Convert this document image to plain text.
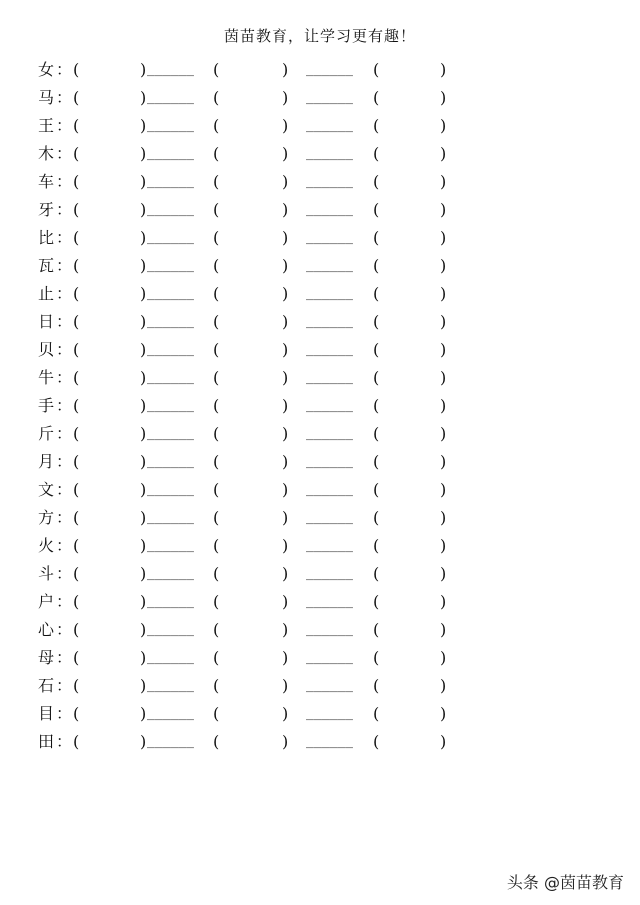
茵苗教育，让学习更有趣！
女 ： (	) ______ (	) ______ (	)
马 ： (	) ______ (	) ______ (	)
王 ： (	) ______ (	) ______ (	)
木 ： (	) ______ (	) ______ (	)
车 ： (	) ______ (	) ______ (	)
牙 ： (	) ______ (	) ______ (	)
比 ： (	) ______ (	) ______ (	)
瓦 ： (	) ______ (	) ______ (	)
止 ： (	) ______ (	) ______ (	)
日 ： (	) ______ (	) ______ (	)
贝 ： (	) ______ (	) ______ (	)
牛 ： (	) ______ (	) ______ (	)
手 ： (	) ______ (	) ______ (	)
斤 ： (	) ______ (	) ______ (	)
月 ： (	) ______ (	) ______ (	)
文 ： (	) ______ (	) ______ (	)
方 ： (	) ______ (	) ______ (	)
火 ： (	) ______ (	) ______ (	)
斗 ： (	) ______ (	) ______ (	)
户 ： (	) ______ (	) ______ (	)
心 ： (	) ______ (	) ______ (	)
母 ： (	) ______ (	) ______ (	)
石 ： (	) ______ (	) ______ (	)
目 ： (	) ______ (	) ______ (	)
田 ： (	) ______ (	) ______ (	)
头条 @茵苗教育
